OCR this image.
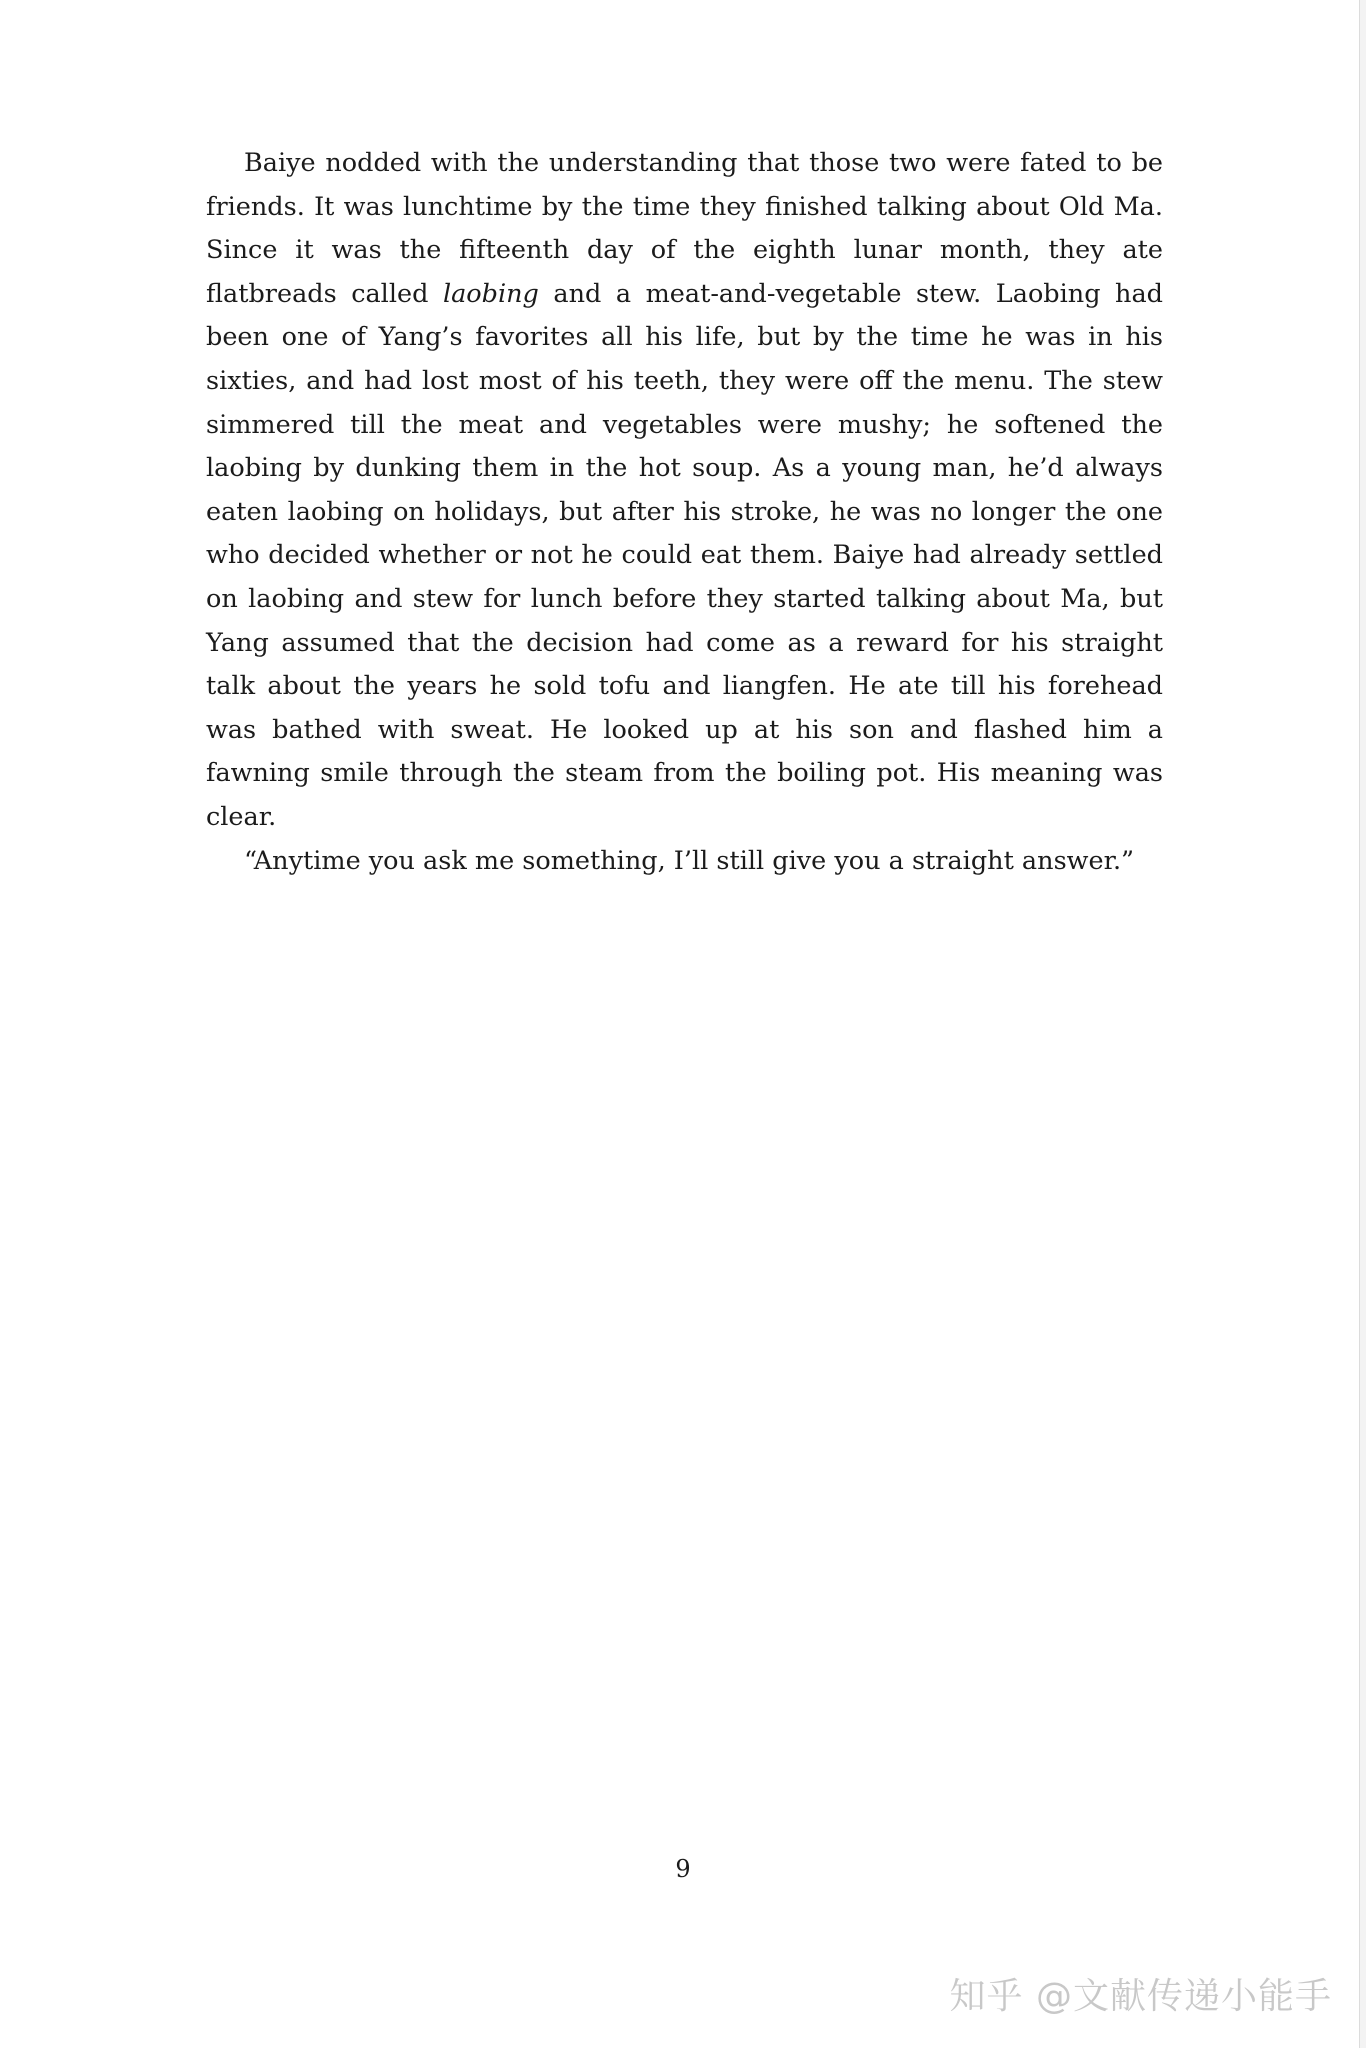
Baiye nodded with the understanding that those two were fated to be friends. It was lunchtime by the time they finished talking about Old Ma. Since it was the fifteenth day of the eighth lunar month, they ate flatbreads called laobing and a meat-and-vegetable stew. Laobing had been one of Yang’s favorites all his life, but by the time he was in his sixties, and had lost most of his teeth, they were off the menu. The stew simmered till the meat and vegetables were mushy; he softened the laobing by dunking them in the hot soup. As a young man, he’d always eaten laobing on holidays, but after his stroke, he was no longer the one who decided whether or not he could eat them. Baiye had already settled on laobing and stew for lunch before they started talking about Ma, but Yang assumed that the decision had come as a reward for his straight talk about the years he sold tofu and liangfen. He ate till his forehead was bathed with sweat. He looked up at his son and flashed him a fawning smile through the steam from the boiling pot. His meaning was clear.

“Anytime you ask me something, I’ll still give you a straight answer.”

9
知乎 @文献传递小能手
